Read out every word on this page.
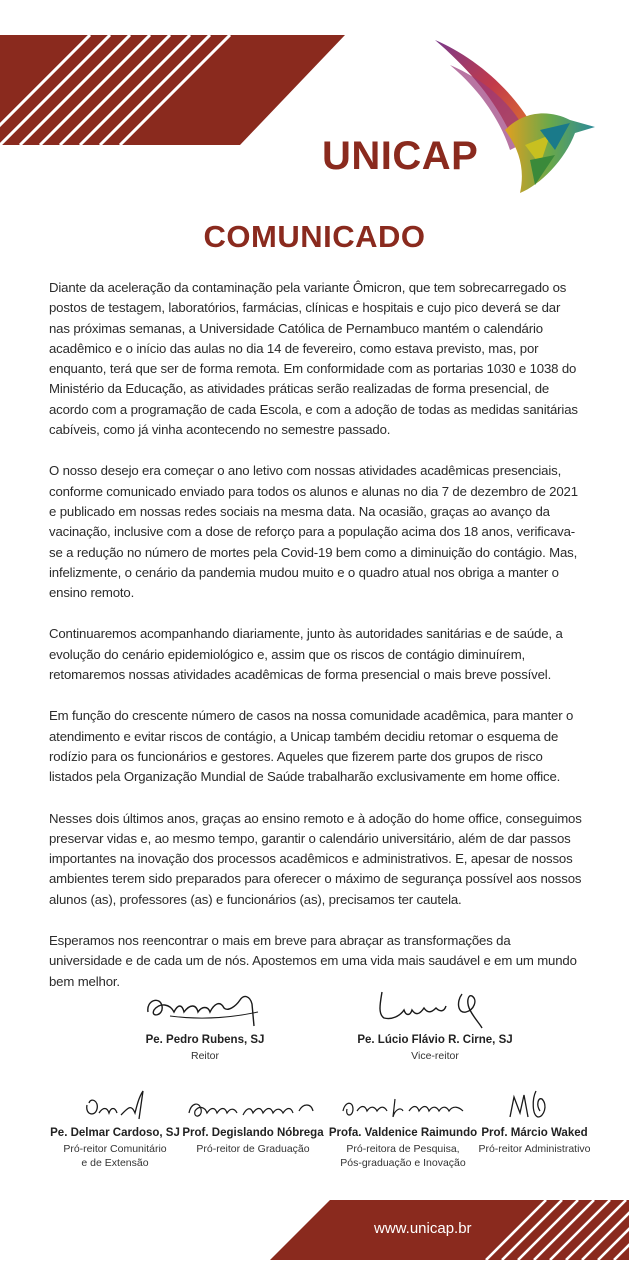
UNICAP
COMUNICADO

Diante da aceleração da contaminação pela variante Ômicron, que tem sobrecarregado os postos de testagem, laboratórios, farmácias, clínicas e hospitais e cujo pico deverá se dar nas próximas semanas, a Universidade Católica de Pernambuco mantém o calendário acadêmico e o início das aulas no dia 14 de fevereiro, como estava previsto, mas, por enquanto, terá que ser de forma remota. Em conformidade com as portarias 1030 e 1038 do Ministério da Educação, as atividades práticas serão realizadas de forma presencial, de acordo com a programação de cada Escola, e com a adoção de todas as medidas sanitárias cabíveis, como já vinha acontecendo no semestre passado.

O nosso desejo era começar o ano letivo com nossas atividades acadêmicas presenciais, conforme comunicado enviado para todos os alunos e alunas no dia 7 de dezembro de 2021 e publicado em nossas redes sociais na mesma data. Na ocasião, graças ao avanço da vacinação, inclusive com a dose de reforço para a população acima dos 18 anos, verificava-se a redução no número de mortes pela Covid-19 bem como a diminuição do contágio. Mas, infelizmente, o cenário da pandemia mudou muito e o quadro atual nos obriga a manter o ensino remoto.

Continuaremos acompanhando diariamente, junto às autoridades sanitárias e de saúde, a evolução do cenário epidemiológico e, assim que os riscos de contágio diminuírem, retomaremos nossas atividades acadêmicas de forma presencial o mais breve possível.

Em função do crescente número de casos na nossa comunidade acadêmica, para manter o atendimento e evitar riscos de contágio, a Unicap também decidiu retomar o esquema de rodízio para os funcionários e gestores. Aqueles que fizerem parte dos grupos de risco listados pela Organização Mundial de Saúde trabalharão exclusivamente em home office.

Nesses dois últimos anos, graças ao ensino remoto e à adoção do home office, conseguimos preservar vidas e, ao mesmo tempo, garantir o calendário universitário, além de dar passos importantes na inovação dos processos acadêmicos e administrativos. E, apesar de nossos ambientes terem sido preparados para oferecer o máximo de segurança possível aos nossos alunos (as), professores (as) e funcionários (as), precisamos ter cautela.

Esperamos nos reencontrar o mais em breve para abraçar as transformações da universidade e de cada um de nós. Apostemos em uma vida mais saudável e em um mundo bem melhor.

Pe. Pedro Rubens, SJ
Reitor
Pe. Lúcio Flávio R. Cirne, SJ
Vice-reitor
Pe. Delmar Cardoso, SJ
Pró-reitor Comunitário
e de Extensão
Prof. Degislando Nóbrega
Pró-reitor de Graduação
Profa. Valdenice Raimundo
Pró-reitora de Pesquisa,
Pós-graduação e Inovação
Prof. Márcio Waked
Pró-reitor Administrativo
www.unicap.br
